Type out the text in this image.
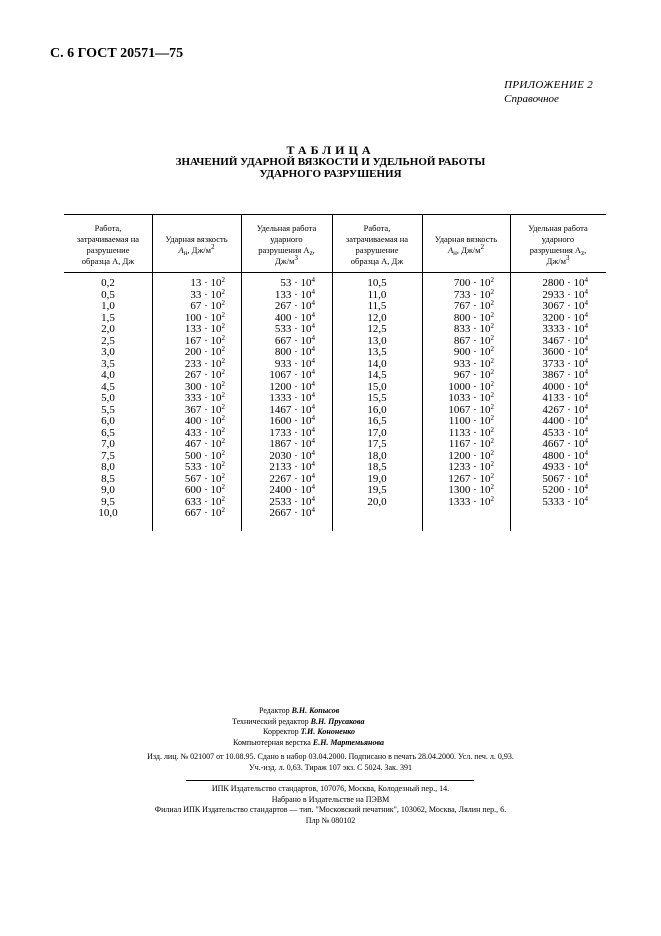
С. 6 ГОСТ 20571—75
ПРИЛОЖЕНИЕ 2
Справочное
ТАБЛИЦА
ЗНАЧЕНИЙ УДАРНОЙ ВЯЗКОСТИ И УДЕЛЬНОЙ РАБОТЫ
УДАРНОГО РАЗРУШЕНИЯ
Работа,
затрачиваемая на
разрушение
образца A, Дж
Ударная вязкость
$A_н$, $Дж/м^2$
Удельная работа
ударного
разрушения $A_z$,
$Дж/м^3$
Работа,
затрачиваемая на
разрушение
образца A, Дж
Ударная вязкость
$A_н$, $Дж/м^2$
Удельная работа
ударного
разрушения $A_z$,
$Дж/м^3$
0,2
0,5
1,0
1,5
2,0
2,5
3,0
3,5
4,0
4,5
5,0
5,5
6,0
6,5
7,0
7,5
8,0
8,5
9,0
9,5
10,0
$13 \cdot 10^2$
$33 \cdot 10^2$
$67 \cdot 10^2$
$100 \cdot 10^2$
$133 \cdot 10^2$
$167 \cdot 10^2$
$200 \cdot 10^2$
$233 \cdot 10^2$
$267 \cdot 10^2$
$300 \cdot 10^2$
$333 \cdot 10^2$
$367 \cdot 10^2$
$400 \cdot 10^2$
$433 \cdot 10^2$
$467 \cdot 10^2$
$500 \cdot 10^2$
$533 \cdot 10^2$
$567 \cdot 10^2$
$600 \cdot 10^2$
$633 \cdot 10^2$
$667 \cdot 10^2$
$53 \cdot 10^4$
$133 \cdot 10^4$
$267 \cdot 10^4$
$400 \cdot 10^4$
$533 \cdot 10^4$
$667 \cdot 10^4$
$800 \cdot 10^4$
$933 \cdot 10^4$
$1067 \cdot 10^4$
$1200 \cdot 10^4$
$1333 \cdot 10^4$
$1467 \cdot 10^4$
$1600 \cdot 10^4$
$1733 \cdot 10^4$
$1867 \cdot 10^4$
$2030 \cdot 10^4$
$2133 \cdot 10^4$
$2267 \cdot 10^4$
$2400 \cdot 10^4$
$2533 \cdot 10^4$
$2667 \cdot 10^4$
10,5
11,0
11,5
12,0
12,5
13,0
13,5
14,0
14,5
15,0
15,5
16,0
16,5
17,0
17,5
18,0
18,5
19,0
19,5
20,0
$700 \cdot 10^2$
$733 \cdot 10^2$
$767 \cdot 10^2$
$800 \cdot 10^2$
$833 \cdot 10^2$
$867 \cdot 10^2$
$900 \cdot 10^2$
$933 \cdot 10^2$
$967 \cdot 10^2$
$1000 \cdot 10^2$
$1033 \cdot 10^2$
$1067 \cdot 10^2$
$1100 \cdot 10^2$
$1133 \cdot 10^2$
$1167 \cdot 10^2$
$1200 \cdot 10^2$
$1233 \cdot 10^2$
$1267 \cdot 10^2$
$1300 \cdot 10^2$
$1333 \cdot 10^2$
$2800 \cdot 10^4$
$2933 \cdot 10^4$
$3067 \cdot 10^4$
$3200 \cdot 10^4$
$3333 \cdot 10^4$
$3467 \cdot 10^4$
$3600 \cdot 10^4$
$3733 \cdot 10^4$
$3867 \cdot 10^4$
$4000 \cdot 10^4$
$4133 \cdot 10^4$
$4267 \cdot 10^4$
$4400 \cdot 10^4$
$4533 \cdot 10^4$
$4667 \cdot 10^4$
$4800 \cdot 10^4$
$4933 \cdot 10^4$
$5067 \cdot 10^4$
$5200 \cdot 10^4$
$5333 \cdot 10^4$
Редактор В.Н. Копысов
Технический редактор В.Н. Прусакова
Корректор Т.И. Кононенко
Компьютерная верстка Е.Н. Мартемьянова
Изд. лиц. № 021007 от 10.08.95. Сдано в набор 03.04.2000. Подписано в печать 28.04.2000. Усл. печ. л. 0,93.
Уч.-изд. л. 0,63. Тираж 107 экз. С 5024. Зак. 391
ИПК Издательство стандартов, 107076, Москва, Колодезный пер., 14.
Набрано в Издательстве на ПЭВМ
Филиал ИПК Издательство стандартов — тип. "Московский печатник", 103062, Москва, Лялин пер., 6.
Плр № 080102
